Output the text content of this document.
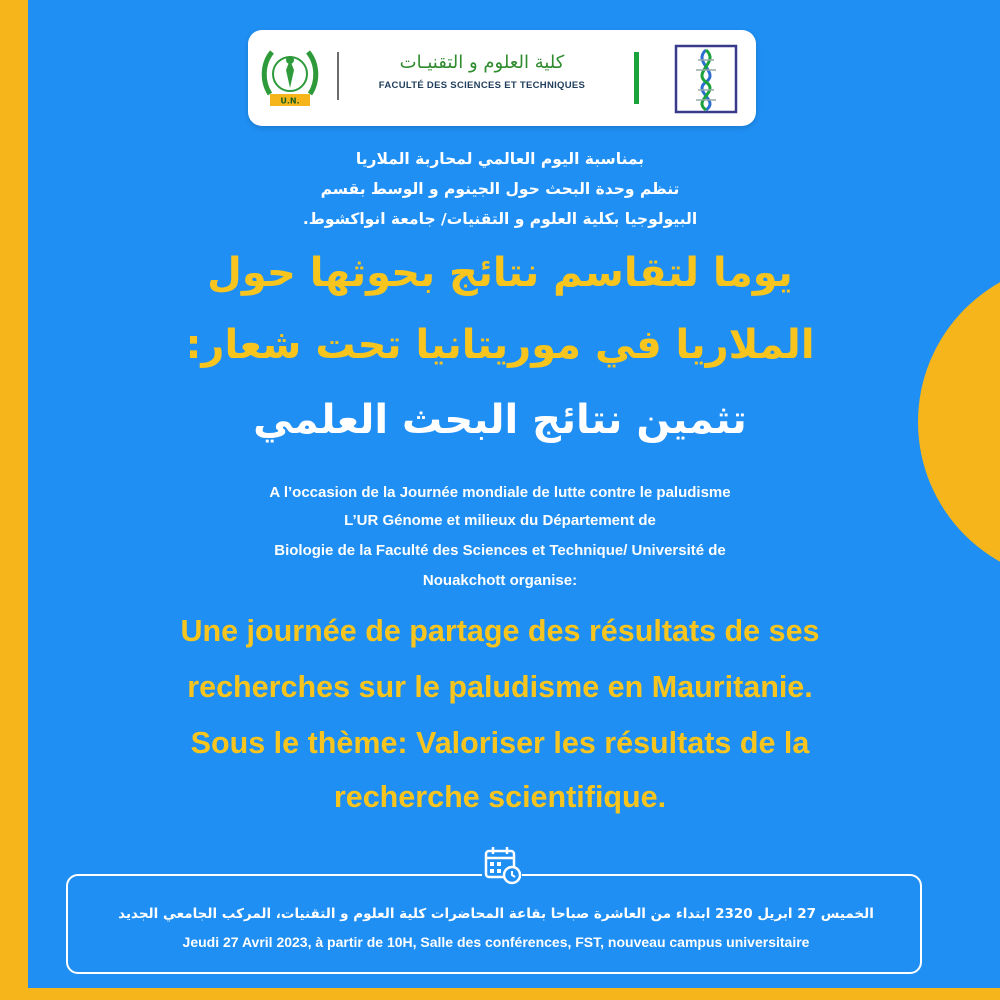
U.N.
كلية العلوم و التقنيـات
FACULTÉ DES SCIENCES ET TECHNIQUES
بمناسبة اليوم العالمي لمحاربة الملاريا
تنظم وحدة البحث حول الجينوم و الوسط بقسم
البيولوجيا بكلية العلوم و التقنيات/ جامعة انواكشوط.
يوما لتقاسم نتائج بحوثها حول
الملاريا في موريتانيا تحت شعار:
تثمين نتائج البحث العلمي
A l’occasion de la Journée mondiale de lutte contre le paludisme
L’UR Génome et milieux du Département de
Biologie de la Faculté des Sciences et Technique/ Université de
Nouakchott organise:
Une journée de partage des résultats de ses
recherches sur le paludisme en Mauritanie.
Sous le thème: Valoriser les résultats de la
recherche scientifique.
الخميس 27 ابريل 2320 ابتداء من العاشرة صباحا بقاعة المحاضرات كلية العلوم و التقنيات، المركب الجامعي الجديد
Jeudi 27 Avril 2023, à partir de 10H, Salle des conférences, FST, nouveau campus universitaire
